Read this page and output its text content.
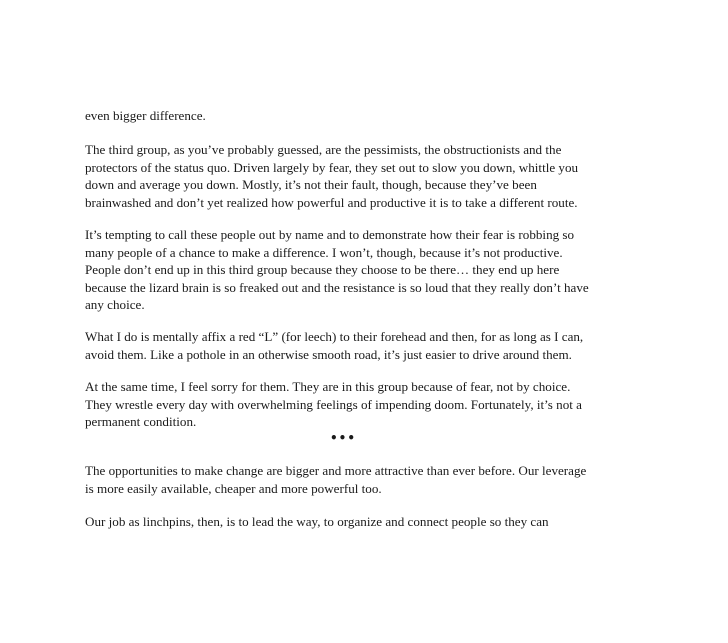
even bigger difference.
The third group, as you’ve probably guessed, are the pessimists, the obstructionists and the
protectors of the status quo. Driven largely by fear, they set out to slow you down, whittle you
down and average you down. Mostly, it’s not their fault, though, because they’ve been
brainwashed and don’t yet realized how powerful and productive it is to take a different route.
It’s tempting to call these people out by name and to demonstrate how their fear is robbing so
many people of a chance to make a difference. I won’t, though, because it’s not productive.
People don’t end up in this third group because they choose to be there… they end up here
because the lizard brain is so freaked out and the resistance is so loud that they really don’t have
any choice.
What I do is mentally affix a red “L” (for leech) to their forehead and then, for as long as I can,
avoid them. Like a pothole in an otherwise smooth road, it’s just easier to drive around them.
At the same time, I feel sorry for them. They are in this group because of fear, not by choice.
They wrestle every day with overwhelming feelings of impending doom. Fortunately, it’s not a
permanent condition.
•••
The opportunities to make change are bigger and more attractive than ever before. Our leverage
is more easily available, cheaper and more powerful too.
Our job as linchpins, then, is to lead the way, to organize and connect people so they can
